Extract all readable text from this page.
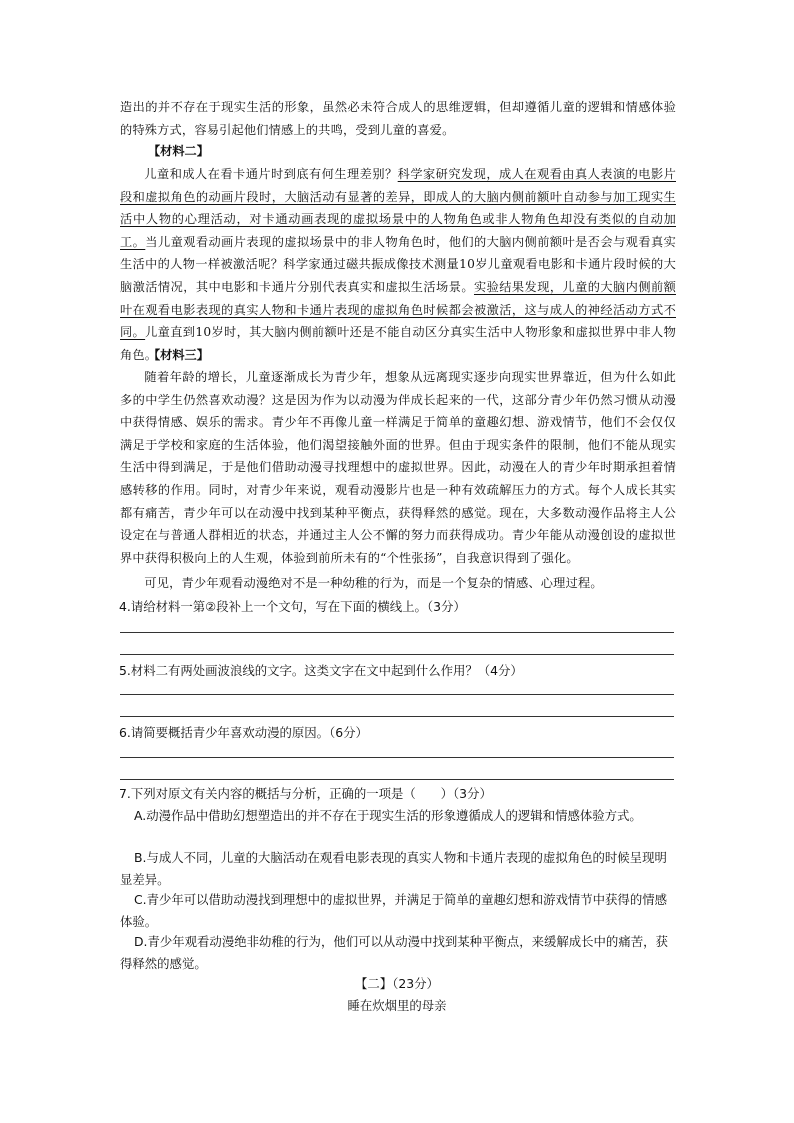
造出的并不存在于现实生活的形象，虽然必未符合成人的思维逻辑，但却遵循儿童的逻辑和情感体验的特殊方式，容易引起他们情感上的共鸣，受到儿童的喜爱。
【材料二】
儿童和成人在看卡通片时到底有何生理差别？科学家研究发现，成人在观看由真人表演的电影片段和虚拟角色的动画片段时，大脑活动有显著的差异，即成人的大脑内侧前额叶自动参与加工现实生活中人物的心理活动，对卡通动画表现的虚拟场景中的人物角色或非人物角色却没有类似的自动加工。当儿童观看动画片表现的虚拟场景中的非人物角色时，他们的大脑内侧前额叶是否会与观看真实生活中的人物一样被激活呢？科学家通过磁共振成像技术测量10岁儿童观看电影和卡通片段时候的大脑激活情况，其中电影和卡通片分别代表真实和虚拟生活场景。实验结果发现，儿童的大脑内侧前额叶在观看电影表现的真实人物和卡通片表现的虚拟角色时候都会被激活，这与成人的神经活动方式不同。儿童直到10岁时，其大脑内侧前额叶还是不能自动区分真实生活中人物形象和虚拟世界中非人物角色。
【材料三】
随着年龄的增长，儿童逐渐成长为青少年，想象从远离现实逐步向现实世界靠近，但为什么如此多的中学生仍然喜欢动漫？这是因为作为以动漫为伴成长起来的一代，这部分青少年仍然习惯从动漫中获得情感、娱乐的需求。青少年不再像儿童一样满足于简单的童趣幻想、游戏情节，他们不会仅仅满足于学校和家庭的生活体验，他们渴望接触外面的世界。但由于现实条件的限制，他们不能从现实生活中得到满足，于是他们借助动漫寻找理想中的虚拟世界。因此，动漫在人的青少年时期承担着情感转移的作用。同时，对青少年来说，观看动漫影片也是一种有效疏解压力的方式。每个人成长其实都有痛苦，青少年可以在动漫中找到某种平衡点，获得释然的感觉。现在，大多数动漫作品将主人公设定在与普通人群相近的状态，并通过主人公不懈的努力而获得成功。青少年能从动漫创设的虚拟世界中获得积极向上的人生观，体验到前所未有的“个性张扬”，自我意识得到了强化。
可见，青少年观看动漫绝对不是一种幼稚的行为，而是一个复杂的情感、心理过程。
4.请给材料一第②段补上一个文句，写在下面的横线上。（3分）
5.材料二有两处画波浪线的文字。这类文字在文中起到什么作用？（4分）
6.请简要概括青少年喜欢动漫的原因。（6分）
7.下列对原文有关内容的概括与分析，正确的一项是（　　）（3分）
A.动漫作品中借助幻想塑造出的并不存在于现实生活的形象遵循成人的逻辑和情感体验方式。
B.与成人不同，儿童的大脑活动在观看电影表现的真实人物和卡通片表现的虚拟角色的时候呈现明显差异。
C.青少年可以借助动漫找到理想中的虚拟世界，并满足于简单的童趣幻想和游戏情节中获得的情感体验。
D.青少年观看动漫绝非幼稚的行为，他们可以从动漫中找到某种平衡点，来缓解成长中的痛苦，获得释然的感觉。
【二】（23分）
睡在炊烟里的母亲
